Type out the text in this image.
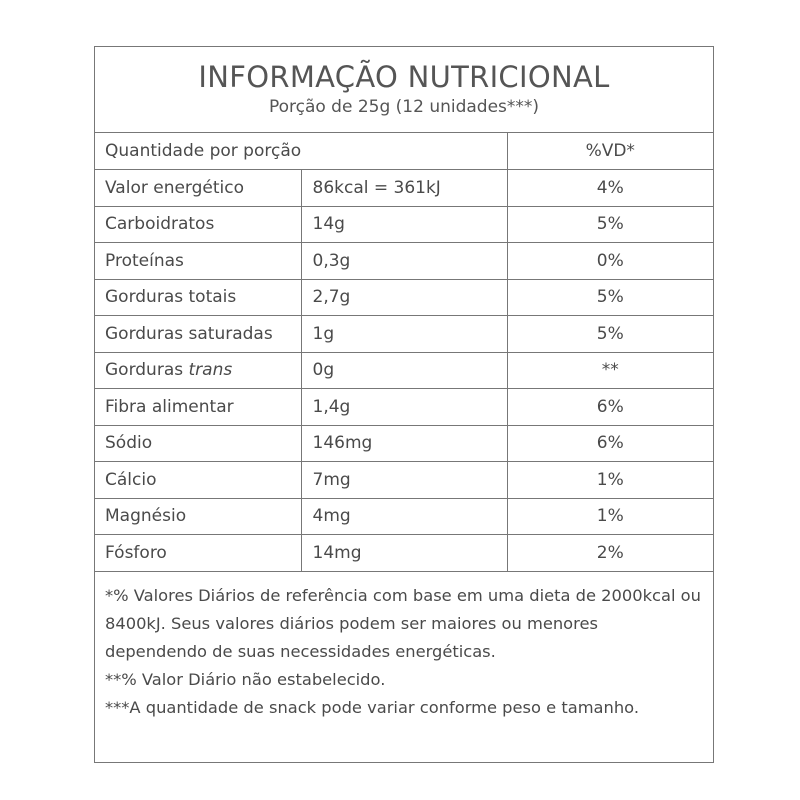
INFORMAÇÃO NUTRICIONAL
Porção de 25g (12 unidades***)
Quantidade por porção		%VD*
Valor energético	86kcal = 361kJ	4%
Carboidratos	14g	5%
Proteínas	0,3g	0%
Gorduras totais	2,7g	5%
Gorduras saturadas	1g	5%
Gorduras trans	0g	**
Fibra alimentar	1,4g	6%
Sódio	146mg	6%
Cálcio	7mg	1%
Magnésio	4mg	1%
Fósforo	14mg	2%

*% Valores Diários de referência com base em uma dieta de 2000kcal ou 8400kJ. Seus valores diários podem ser maiores ou menores dependendo de suas necessidades energéticas.

**% Valor Diário não estabelecido.

***A quantidade de snack pode variar conforme peso e tamanho.
